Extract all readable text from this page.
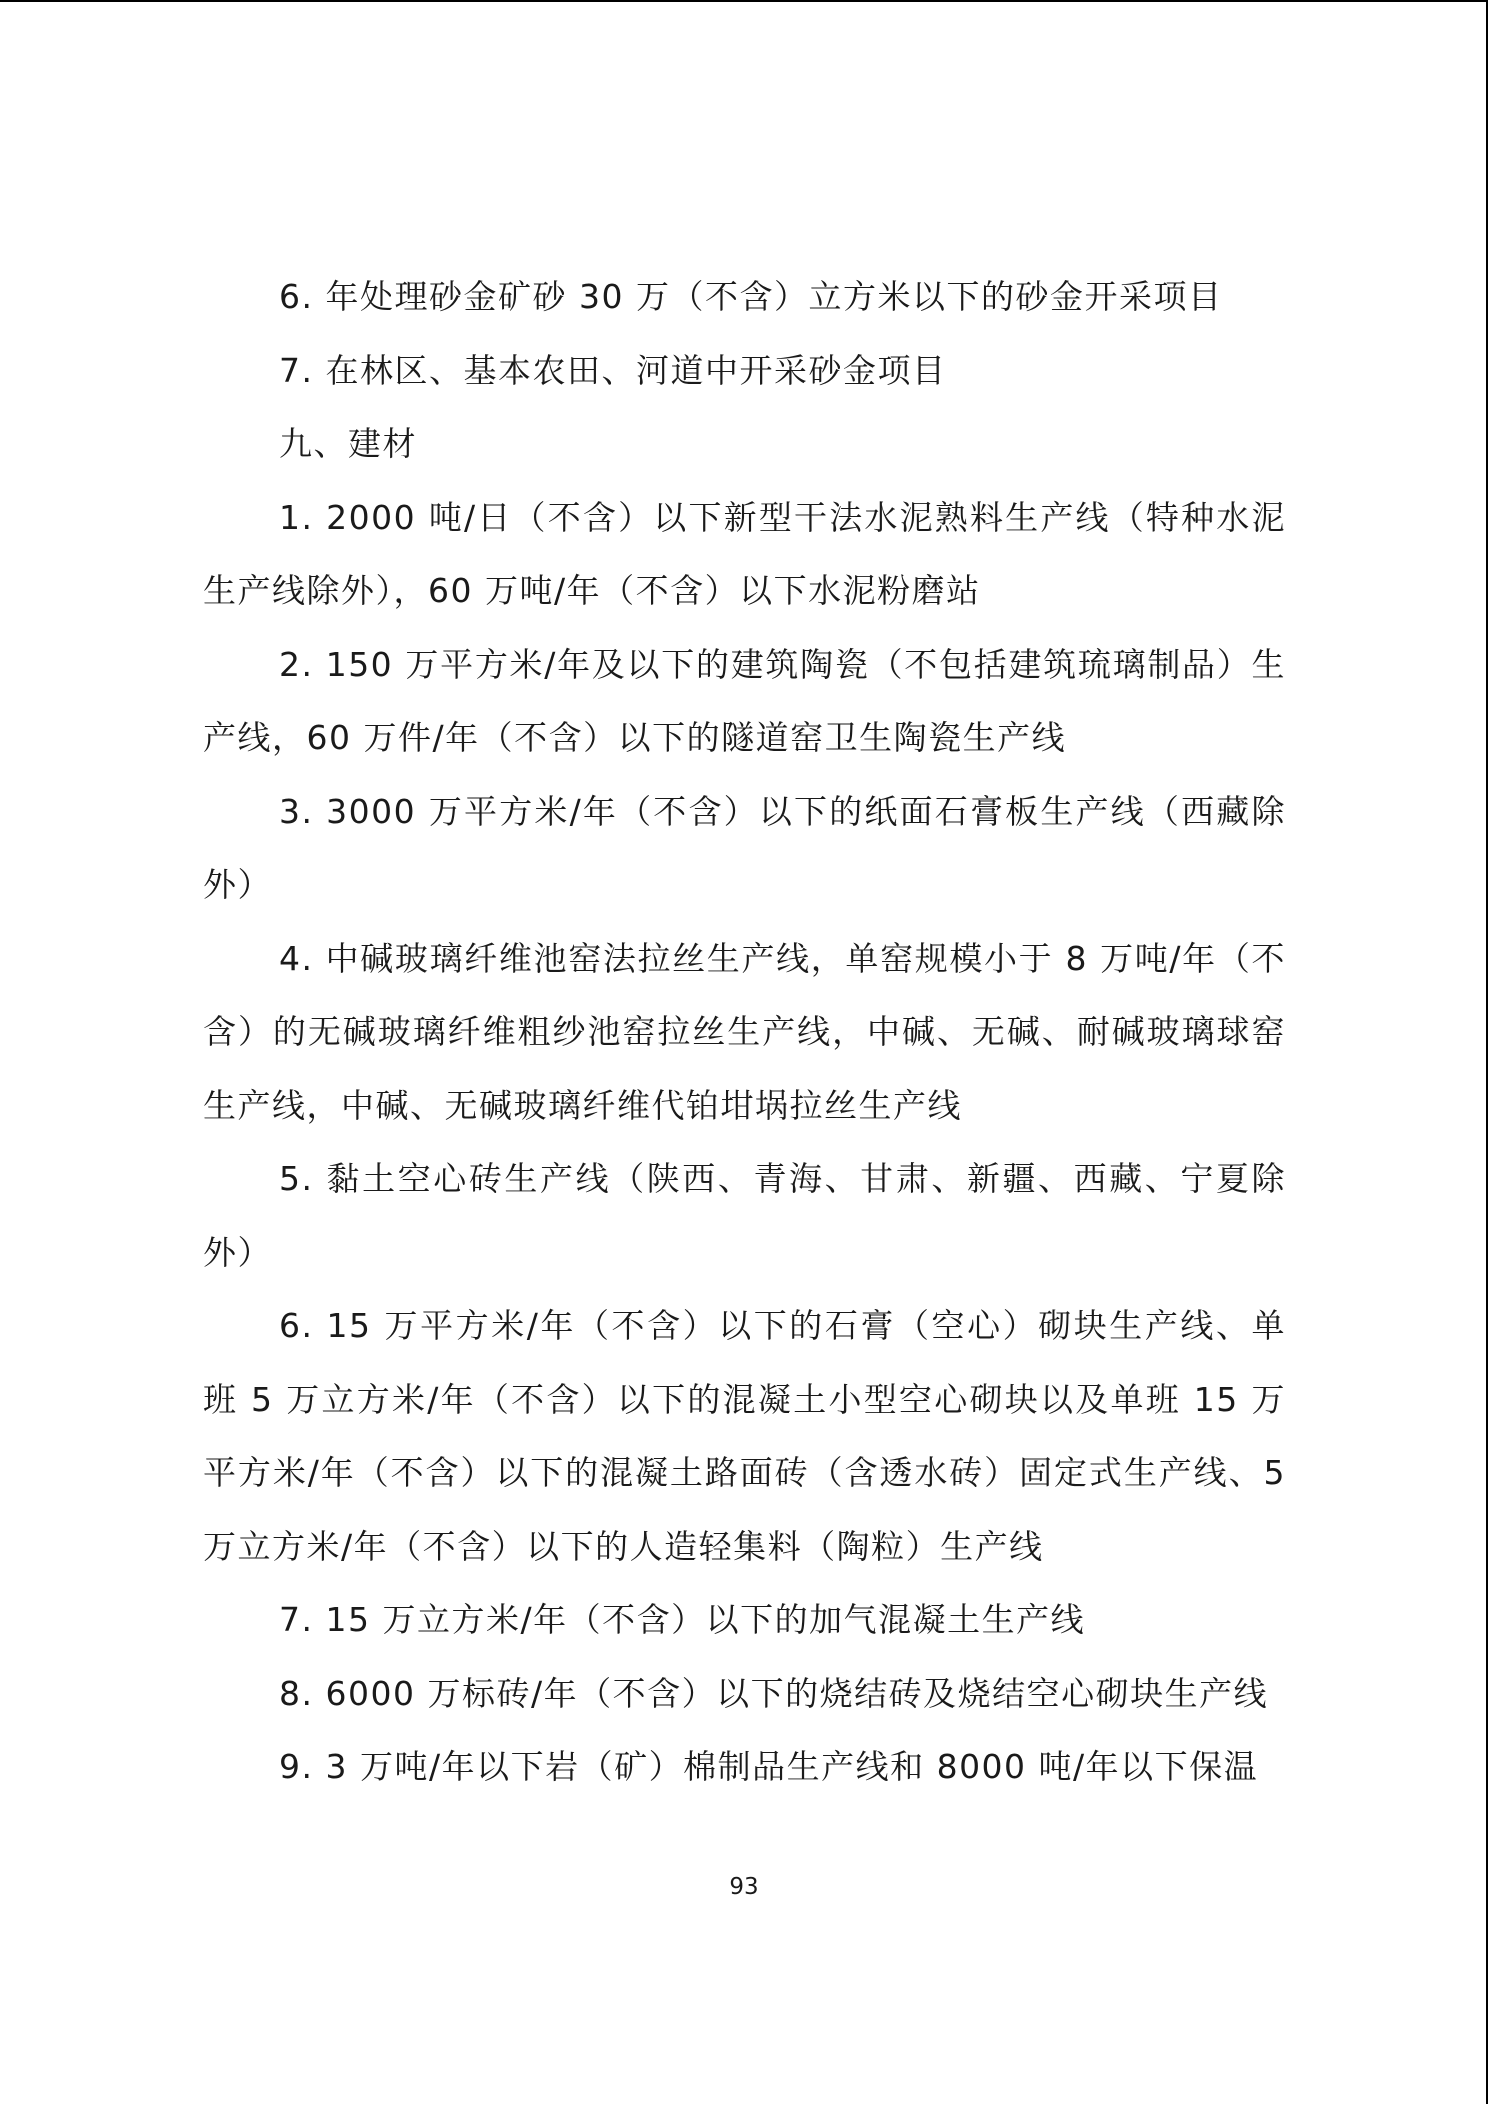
6. 年处理砂金矿砂 30 万（不含）立方米以下的砂金开采项目

7. 在林区、基本农田、河道中开采砂金项目

九、建材

1. 2000 吨/日（不含）以下新型干法水泥熟料生产线（特种水泥生产线除外），60 万吨/年（不含）以下水泥粉磨站

2. 150 万平方米/年及以下的建筑陶瓷（不包括建筑琉璃制品）生产线，60 万件/年（不含）以下的隧道窑卫生陶瓷生产线

3. 3000 万平方米/年（不含）以下的纸面石膏板生产线（西藏除外）

4. 中碱玻璃纤维池窑法拉丝生产线，单窑规模小于 8 万吨/年（不含）的无碱玻璃纤维粗纱池窑拉丝生产线，中碱、无碱、耐碱玻璃球窑生产线，中碱、无碱玻璃纤维代铂坩埚拉丝生产线

5. 黏土空心砖生产线（陕西、青海、甘肃、新疆、西藏、宁夏除外）

6. 15 万平方米/年（不含）以下的石膏（空心）砌块生产线、单班 5 万立方米/年（不含）以下的混凝土小型空心砌块以及单班 15 万平方米/年（不含）以下的混凝土路面砖（含透水砖）固定式生产线、5 万立方米/年（不含）以下的人造轻集料（陶粒）生产线

7. 15 万立方米/年（不含）以下的加气混凝土生产线

8. 6000 万标砖/年（不含）以下的烧结砖及烧结空心砌块生产线

9. 3 万吨/年以下岩（矿）棉制品生产线和 8000 吨/年以下保温

93
